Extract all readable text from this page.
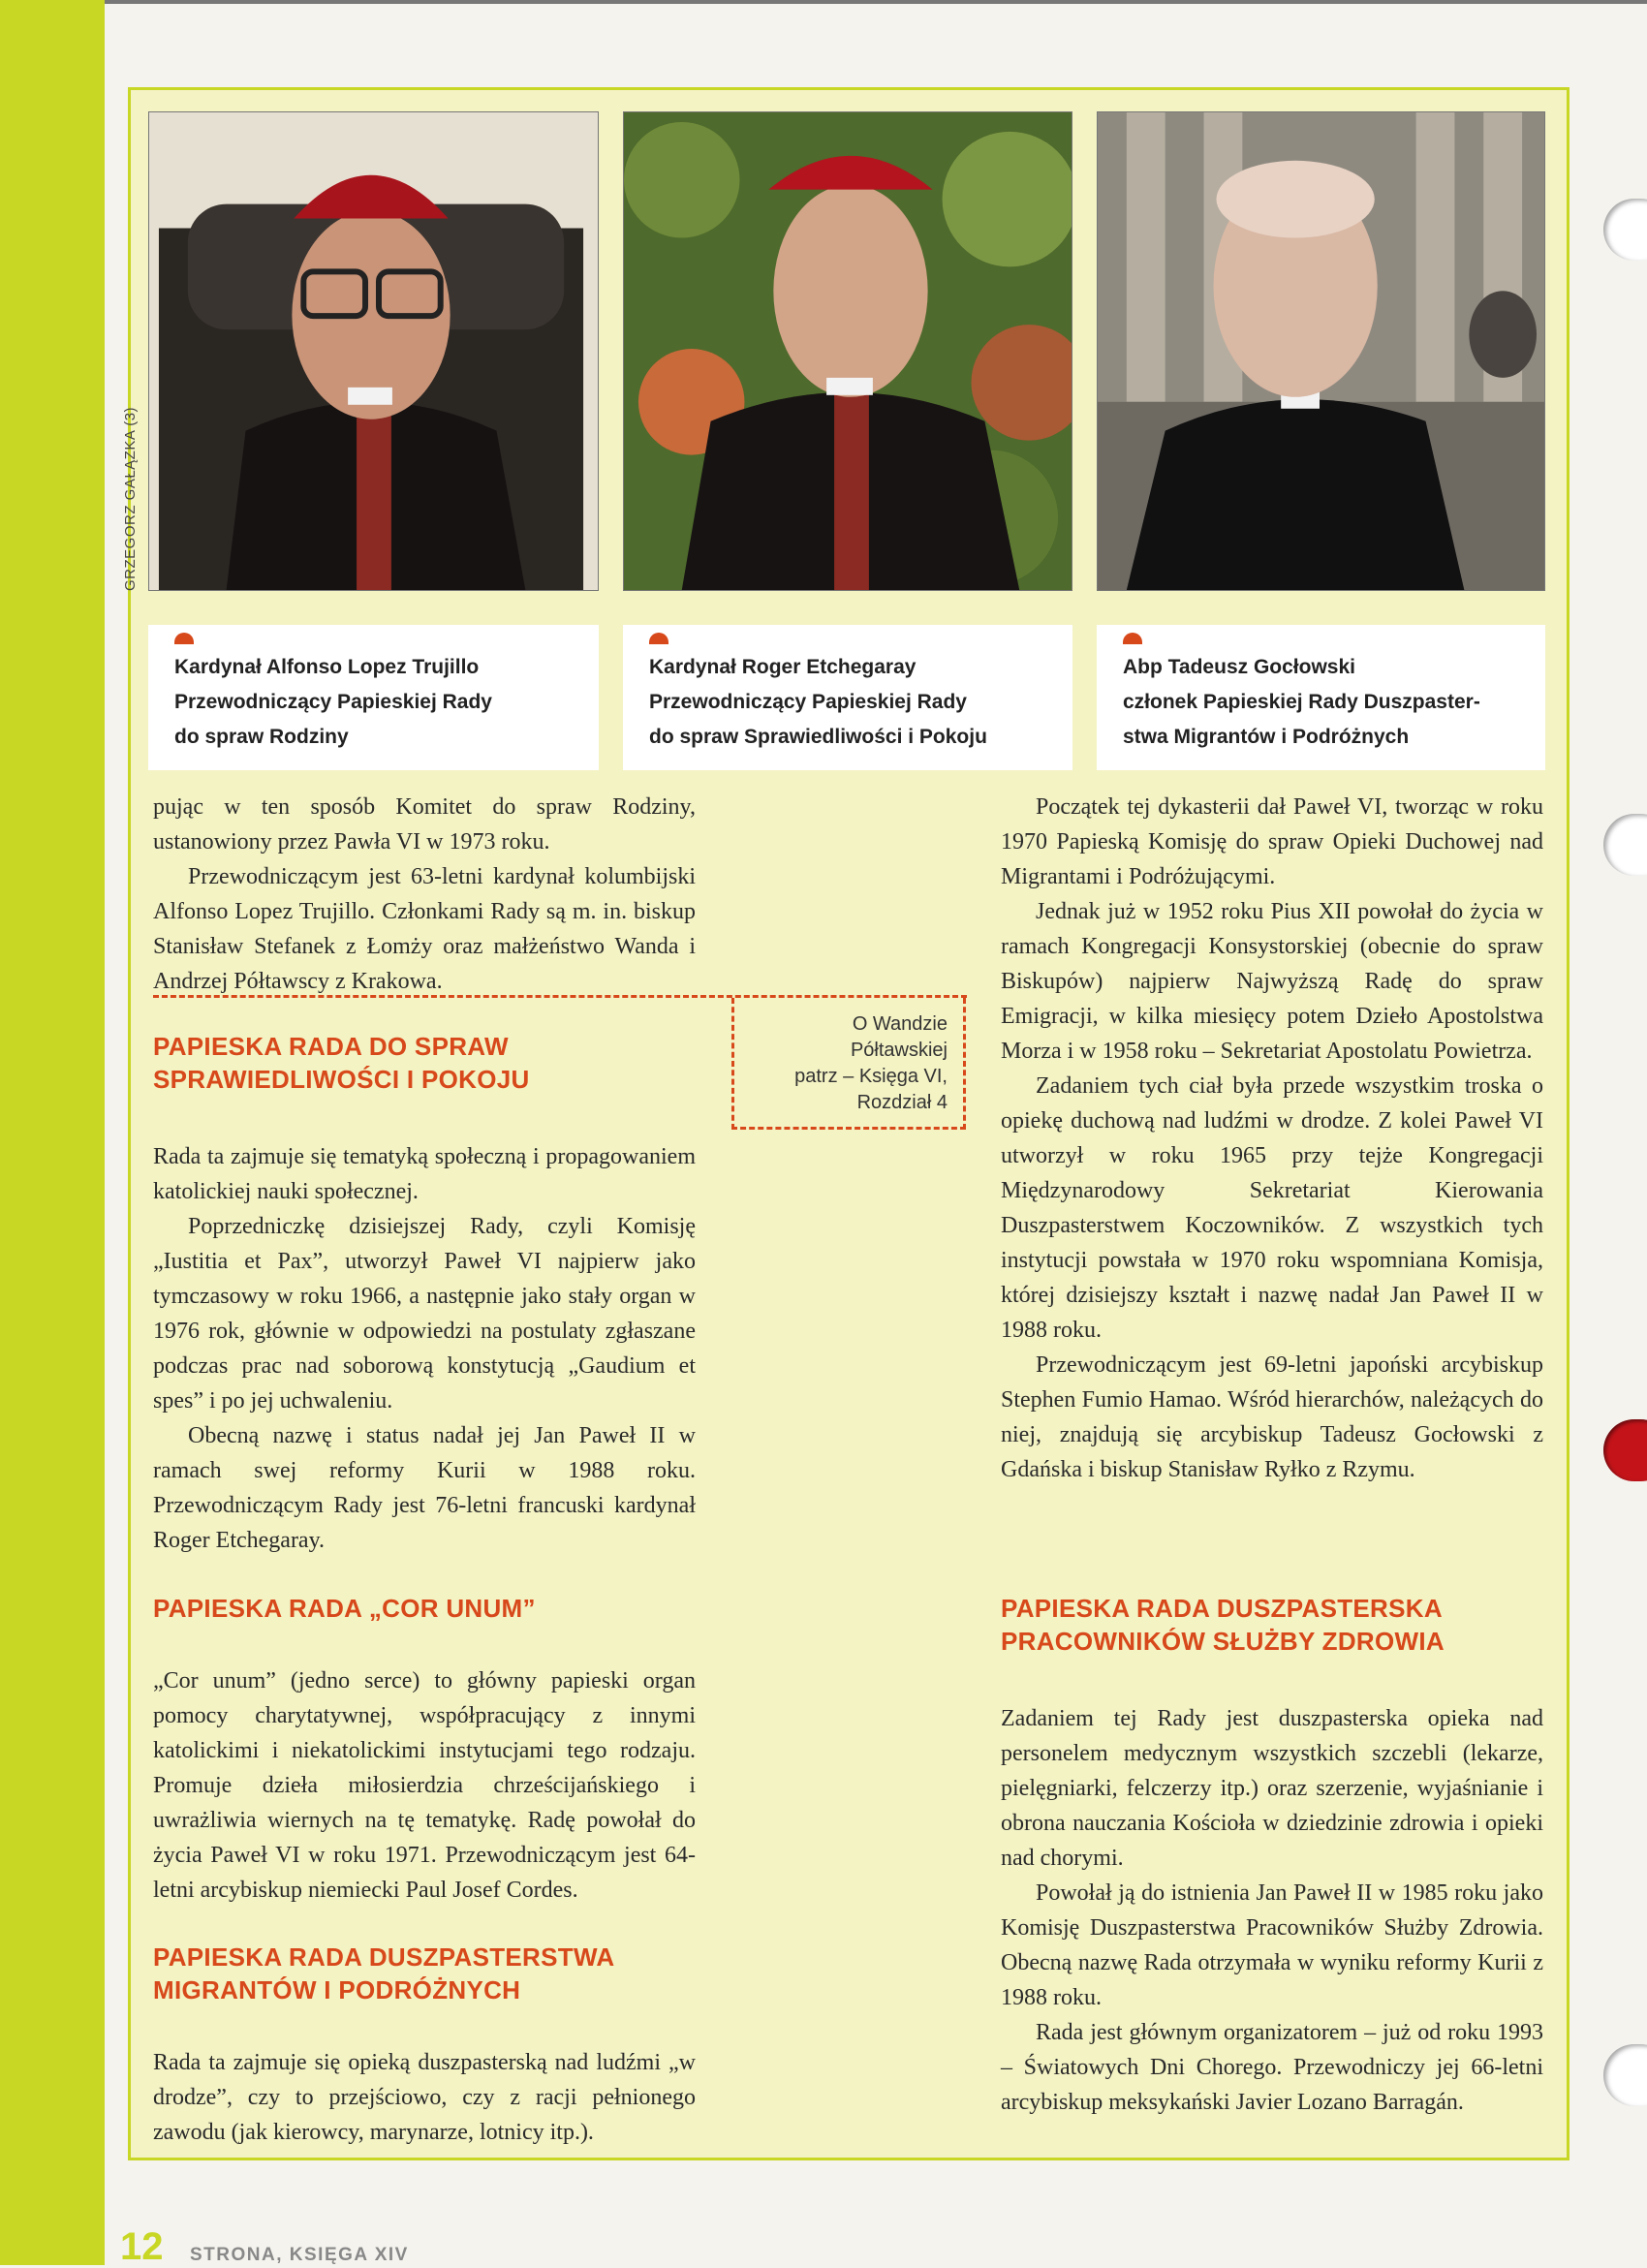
GRZEGORZ GAŁĄZKA (3)
Kardynał Alfonso Lopez Trujillo
Przewodniczący Papieskiej Rady
do spraw Rodziny
Kardynał Roger Etchegaray
Przewodniczący Papieskiej Rady
do spraw Sprawiedliwości i Pokoju
Abp Tadeusz Gocłowski
członek Papieskiej Rady Duszpaster-
stwa Migrantów i Podróżnych

pując w ten sposób Komitet do spraw Rodziny, ustanowiony przez Pawła VI w 1973 roku.

Przewodniczącym jest 63-letni kardynał kolumbijski Alfonso Lopez Trujillo. Członkami Rady są m. in. biskup Stanisław Stefanek z Łomży oraz małżeństwo Wanda i Andrzej Półtawscy z Krakowa.

PAPIESKA RADA DO SPRAW
SPRAWIEDLIWOŚCI I POKOJU

Rada ta zajmuje się tematyką społeczną i propagowaniem katolickiej nauki społecznej.

Poprzedniczkę dzisiejszej Rady, czyli Komisję „Iustitia et Pax”, utworzył Paweł VI najpierw jako tymczasowy w roku 1966, a następnie jako stały organ w 1976 rok, głównie w odpowiedzi na postulaty zgłaszane podczas prac nad soborową konstytucją „Gaudium et spes” i po jej uchwaleniu.

Obecną nazwę i status nadał jej Jan Paweł II w ramach swej reformy Kurii w 1988 roku. Przewodniczącym Rady jest 76-letni francuski kardynał Roger Etchegaray.

PAPIESKA RADA „COR UNUM”

„Cor unum” (jedno serce) to główny papieski organ pomocy charytatywnej, współpracujący z innymi katolickimi i niekatolickimi instytucjami tego rodzaju. Promuje dzieła miłosierdzia chrześcijańskiego i uwrażliwia wiernych na tę tematykę. Radę powołał do życia Paweł VI w roku 1971. Przewodniczącym jest 64-letni arcybiskup niemiecki Paul Josef Cordes.

PAPIESKA RADA DUSZPASTERSTWA
MIGRANTÓW I PODRÓŻNYCH

Rada ta zajmuje się opieką duszpasterską nad ludźmi „w drodze”, czy to przejściowo, czy z racji pełnionego zawodu (jak kierowcy, marynarze, lotnicy itp.).

O Wandzie
Półtawskiej
patrz – Księga VI,
Rozdział 4

Początek tej dykasterii dał Paweł VI, tworząc w roku 1970 Papieską Komisję do spraw Opieki Duchowej nad Migrantami i Podróżującymi.

Jednak już w 1952 roku Pius XII powołał do życia w ramach Kongregacji Konsystorskiej (obecnie do spraw Biskupów) najpierw Najwyższą Radę do spraw Emigracji, w kilka miesięcy potem Dzieło Apostolstwa Morza i w 1958 roku – Sekretariat Apostolatu Powietrza.

Zadaniem tych ciał była przede wszystkim troska o opiekę duchową nad ludźmi w drodze. Z kolei Paweł VI utworzył w roku 1965 przy tejże Kongregacji Międzynarodowy Sekretariat Kierowania Duszpasterstwem Koczowników. Z wszystkich tych instytucji powstała w 1970 roku wspomniana Komisja, której dzisiejszy kształt i nazwę nadał Jan Paweł II w 1988 roku.

Przewodniczącym jest 69-letni japoński arcybiskup Stephen Fumio Hamao. Wśród hierarchów, należących do niej, znajdują się arcybiskup Tadeusz Gocłowski z Gdańska i biskup Stanisław Ryłko z Rzymu.

PAPIESKA RADA DUSZPASTERSKA
PRACOWNIKÓW SŁUŻBY ZDROWIA

Zadaniem tej Rady jest duszpasterska opieka nad personelem medycznym wszystkich szczebli (lekarze, pielęgniarki, felczerzy itp.) oraz szerzenie, wyjaśnianie i obrona nauczania Kościoła w dziedzinie zdrowia i opieki nad chorymi.

Powołał ją do istnienia Jan Paweł II w 1985 roku jako Komisję Duszpasterstwa Pracowników Służby Zdrowia. Obecną nazwę Rada otrzymała w wyniku reformy Kurii z 1988 roku.

Rada jest głównym organizatorem – już od roku 1993 – Światowych Dni Chorego. Przewodniczy jej 66-letni arcybiskup meksykański Javier Lozano Barragán.

12 STRONA, KSIĘGA XIV
